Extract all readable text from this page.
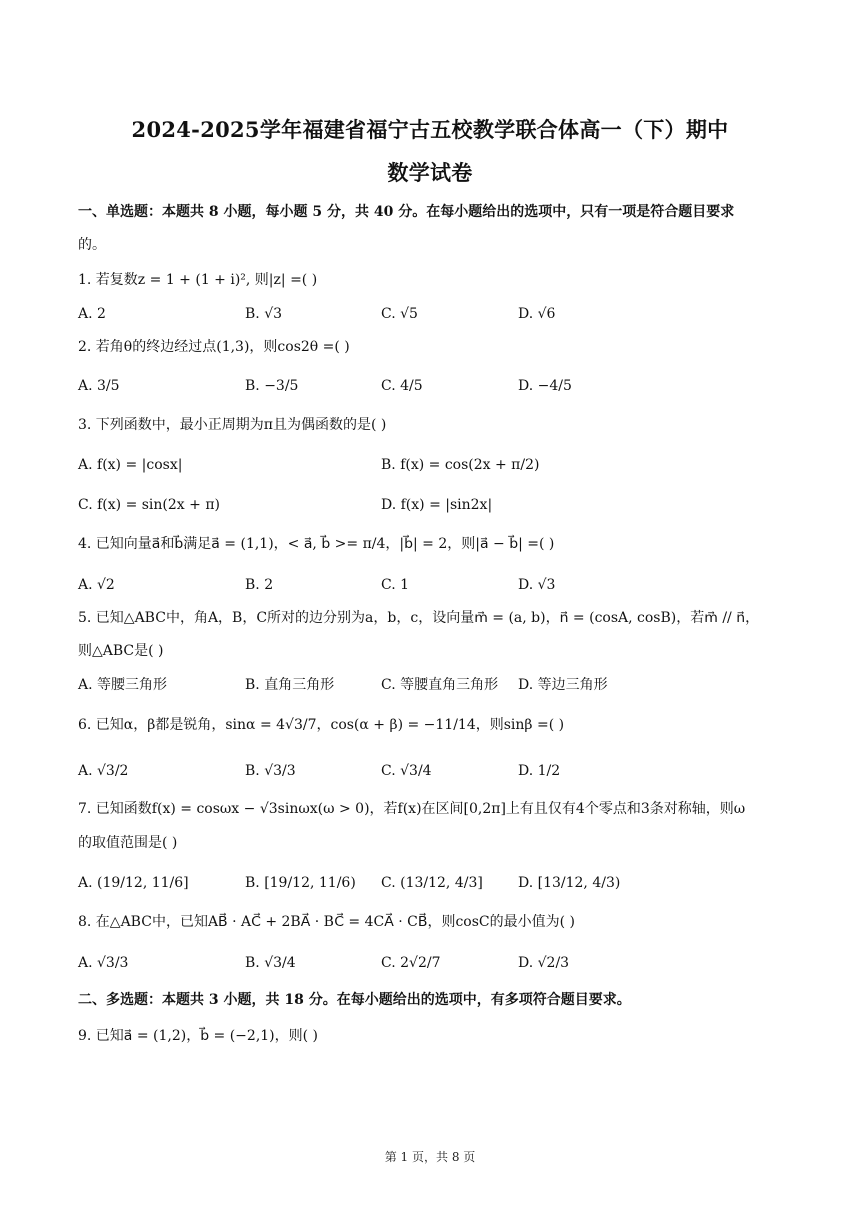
2024-2025学年福建省福宁古五校教学联合体高一（下）期中
数学试卷
一、单选题：本题共 8 小题，每小题 5 分，共 40 分。在每小题给出的选项中，只有一项是符合题目要求
的。
1. 若复数z = 1 + (1 + i)², 则|z| =( )
A. 2	B. √3	C. √5	D. √6
2. 若角θ的终边经过点(1,3)，则cos2θ =( )
A. 3/5	B. −3/5	C. 4/5	D. −4/5
3. 下列函数中，最小正周期为π且为偶函数的是( )
A. f(x) = |cosx|	B. f(x) = cos(2x + π/2)
C. f(x) = sin(2x + π)	D. f(x) = |sin2x|
4. 已知向量a⃗和b⃗满足a⃗ = (1,1)，< a⃗, b⃗ >= π/4，|b⃗| = 2，则|a⃗ − b⃗| =( )
A. √2	B. 2	C. 1	D. √3
5. 已知△ABC中，角A，B，C所对的边分别为a，b，c，设向量m⃗ = (a, b)，n⃗ = (cosA, cosB)，若m⃗ // n⃗，
则△ABC是( )
A. 等腰三角形	B. 直角三角形	C. 等腰直角三角形 D. 等边三角形
6. 已知α，β都是锐角，sinα = 4√3/7，cos(α + β) = −11/14，则sinβ =( )
A. √3/2	B. √3/3	C. √3/4	D. 1/2
7. 已知函数f(x) = cosωx − √3sinωx(ω > 0)，若f(x)在区间[0,2π]上有且仅有4个零点和3条对称轴，则ω
的取值范围是( )
A. (19/12, 11/6]	B. [19/12, 11/6) C. (13/12, 4/3]	D. [13/12, 4/3)
8. 在△ABC中，已知AB⃗ · AC⃗ + 2BA⃗ · BC⃗ = 4CA⃗ · CB⃗，则cosC的最小值为( )
A. √3/3	B. √3/4	C. 2√2/7	D. √2/3
二、多选题：本题共 3 小题，共 18 分。在每小题给出的选项中，有多项符合题目要求。
9. 已知a⃗ = (1,2)，b⃗ = (−2,1)，则( )
第 1 页，共 8 页
